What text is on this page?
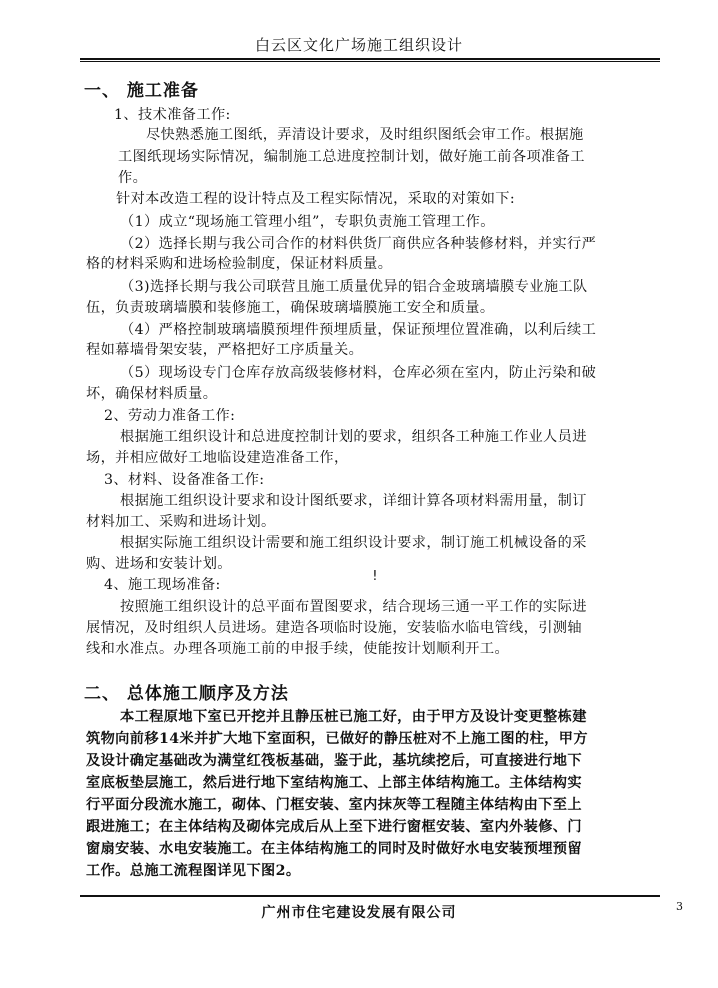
白云区文化广场施工组织设计
一、 施工准备
1、技术准备工作:
尽快熟悉施工图纸，弄清设计要求，及时组织图纸会审工作。根据施
工图纸现场实际情况，编制施工总进度控制计划，做好施工前各项准备工
作。
针对本改造工程的设计特点及工程实际情况，采取的对策如下:
（1）成立“现场施工管理小组”，专职负责施工管理工作。
（2）选择长期与我公司合作的材料供货厂商供应各种装修材料，并实行严
格的材料采购和进场检验制度，保证材料质量。
（3)选择长期与我公司联营且施工质量优异的铝合金玻璃墙膜专业施工队
伍，负责玻璃墙膜和装修施工，确保玻璃墙膜施工安全和质量。
（4）严格控制玻璃墙膜预埋件预埋质量，保证预埋位置准确，以利后续工
程如幕墙骨架安装，严格把好工序质量关。
（5）现场设专门仓库存放高级装修材料，仓库必须在室内，防止污染和破
坏，确保材料质量。
2、劳动力准备工作:
根据施工组织设计和总进度控制计划的要求，组织各工种施工作业人员进
场，并相应做好工地临设建造准备工作，
3、材料、设备准备工作:
根据施工组织设计要求和设计图纸要求，详细计算各项材料需用量，制订
材料加工、采购和进场计划。
根据实际施工组织设计需要和施工组织设计要求，制订施工机械设备的采
购、进场和安装计划。
4、施工现场准备:
!
按照施工组织设计的总平面布置图要求，结合现场三通一平工作的实际进
展情况，及时组织人员进场。建造各项临时设施，安装临水临电管线，引测轴
线和水准点。办理各项施工前的申报手续，使能按计划顺利开工。
二、 总体施工顺序及方法
本工程原地下室已开挖并且静压桩已施工好，由于甲方及设计变更整栋建
筑物向前移14米并扩大地下室面积，已做好的静压桩对不上施工图的柱，甲方
及设计确定基础改为满堂红筏板基础，鉴于此，基坑续挖后，可直接进行地下
室底板垫层施工，然后进行地下室结构施工、上部主体结构施工。主体结构实
行平面分段流水施工，砌体、门框安装、室内抹灰等工程随主体结构由下至上
跟进施工；在主体结构及砌体完成后从上至下进行窗框安装、室内外装修、门
窗扇安装、水电安装施工。在主体结构施工的同时及时做好水电安装预埋预留
工作。总施工流程图详见下图2。
广州市住宅建设发展有限公司	3
